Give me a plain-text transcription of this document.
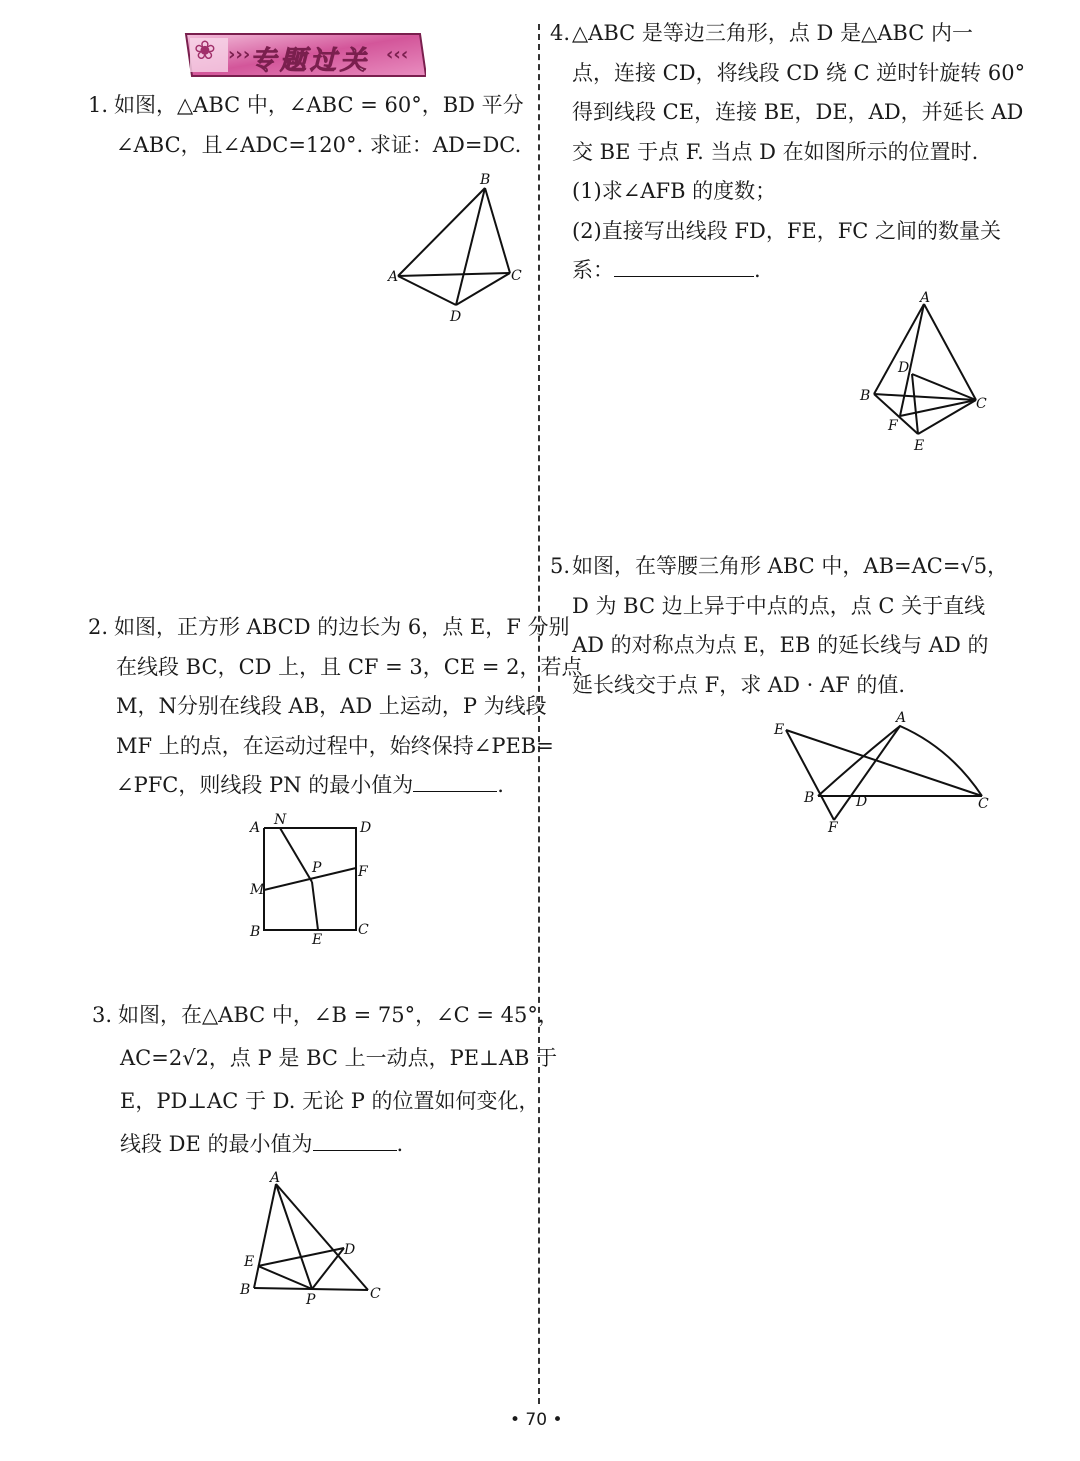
❀ ››› 专题过关 ‹‹‹

1. 如图，△ABC 中，∠ABC = 60°，BD 平分

∠ABC，且∠ADC=120°. 求证：AD=DC.

A
B
C
D

2. 如图，正方形 ABCD 的边长为 6，点 E，F 分别

在线段 BC，CD 上，且 CF = 3，CE = 2，若点

M，N分别在线段 AB，AD 上运动，P 为线段

MF 上的点，在运动过程中，始终保持∠PEB=

∠PFC，则线段 PN 的最小值为	.

A N	D
P	F
M
B	E
C

3. 如图，在△ABC 中，∠B = 75°，∠C = 45°，

AC=2√2，点 P 是 BC 上一动点，PE⊥AB 于

E，PD⊥AC 于 D. 无论 P 的位置如何变化，

线段 DE 的最小值为	.

A
E
D
B
P	C

4.△ABC 是等边三角形，点 D 是△ABC 内一

点，连接 CD，将线段 CD 绕 C 逆时针旋转 60°

得到线段 CE，连接 BE，DE，AD，并延长 AD

交 BE 于点 F. 当点 D 在如图所示的位置时.

(1)求∠AFB 的度数；

(2)直接写出线段 FD，FE，FC 之间的数量关

系：	.

A
D
B	C
F
E

5.如图，在等腰三角形 ABC 中，AB=AC=√5，

D 为 BC 边上异于中点的点，点 C 关于直线

AD 的对称点为点 E，EB 的延长线与 AD 的

延长线交于点 F，求 AD · AF 的值.

E
A
B	D	C
F
• 70 •
